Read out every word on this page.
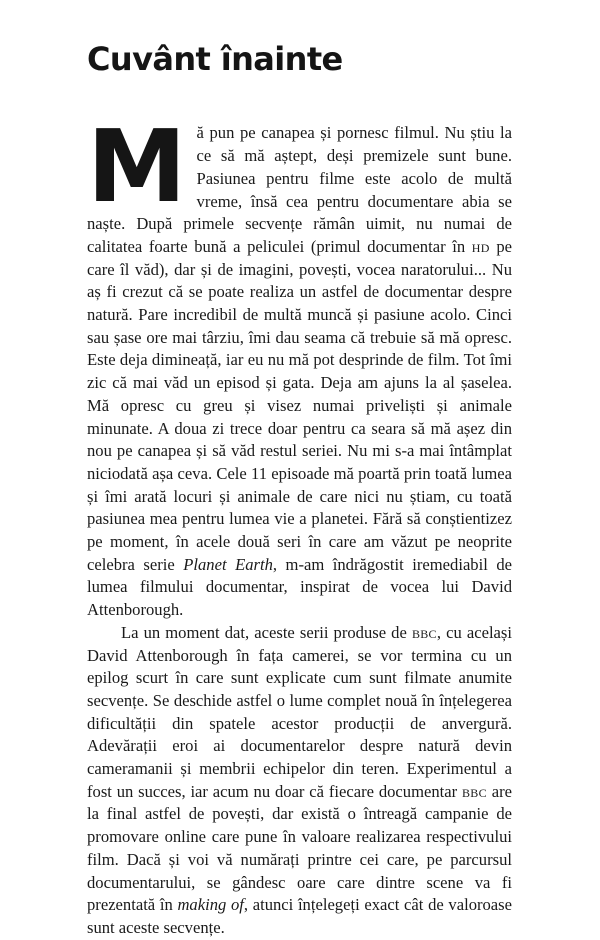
Cuvânt înainte

Mă pun pe canapea și pornesc filmul. Nu știu la ce să mă aștept, deși premizele sunt bune. Pasiunea pentru filme este acolo de multă vreme, însă cea pentru documentare abia se naște. După primele secvențe rămân uimit, nu numai de calitatea foarte bună a peliculei (primul documentar în hd pe care îl văd), dar și de imagini, povești, vocea naratorului... Nu aș fi crezut că se poate realiza un astfel de documentar despre natură. Pare incredibil de multă muncă și pasiune acolo. Cinci sau șase ore mai târziu, îmi dau seama că trebuie să mă opresc. Este deja dimineață, iar eu nu mă pot desprinde de film. Tot îmi zic că mai văd un episod și gata. Deja am ajuns la al șaselea. Mă opresc cu greu și visez numai priveliști și animale minunate. A doua zi trece doar pentru ca seara să mă așez din nou pe canapea și să văd restul seriei. Nu mi s-a mai întâmplat niciodată așa ceva. Cele 11 episoade mă poartă prin toată lumea și îmi arată locuri și animale de care nici nu știam, cu toată pasiunea mea pentru lumea vie a planetei. Fără să conștientizez pe moment, în acele două seri în care am văzut pe neoprite celebra serie Planet Earth, m-am îndrăgostit iremediabil de lumea filmului documentar, inspirat de vocea lui David Attenborough.

La un moment dat, aceste serii produse de bbc, cu același David Attenborough în fața camerei, se vor termina cu un epilog scurt în care sunt explicate cum sunt filmate anumite secvențe. Se deschide astfel o lume complet nouă în înțelegerea dificultății din spatele acestor producții de anvergură. Adevărații eroi ai documentarelor despre natură devin cameramanii și membrii echipelor din teren. Experimentul a fost un succes, iar acum nu doar că fiecare documentar bbc are la final astfel de povești, dar există o întreagă campanie de promovare online care pune în valoare realizarea respectivului film. Dacă și voi vă numărați printre cei care, pe parcursul documentarului, se gândesc oare care dintre scene va fi prezentată în making of, atunci înțelegeți exact cât de valoroase sunt aceste secvențe.
